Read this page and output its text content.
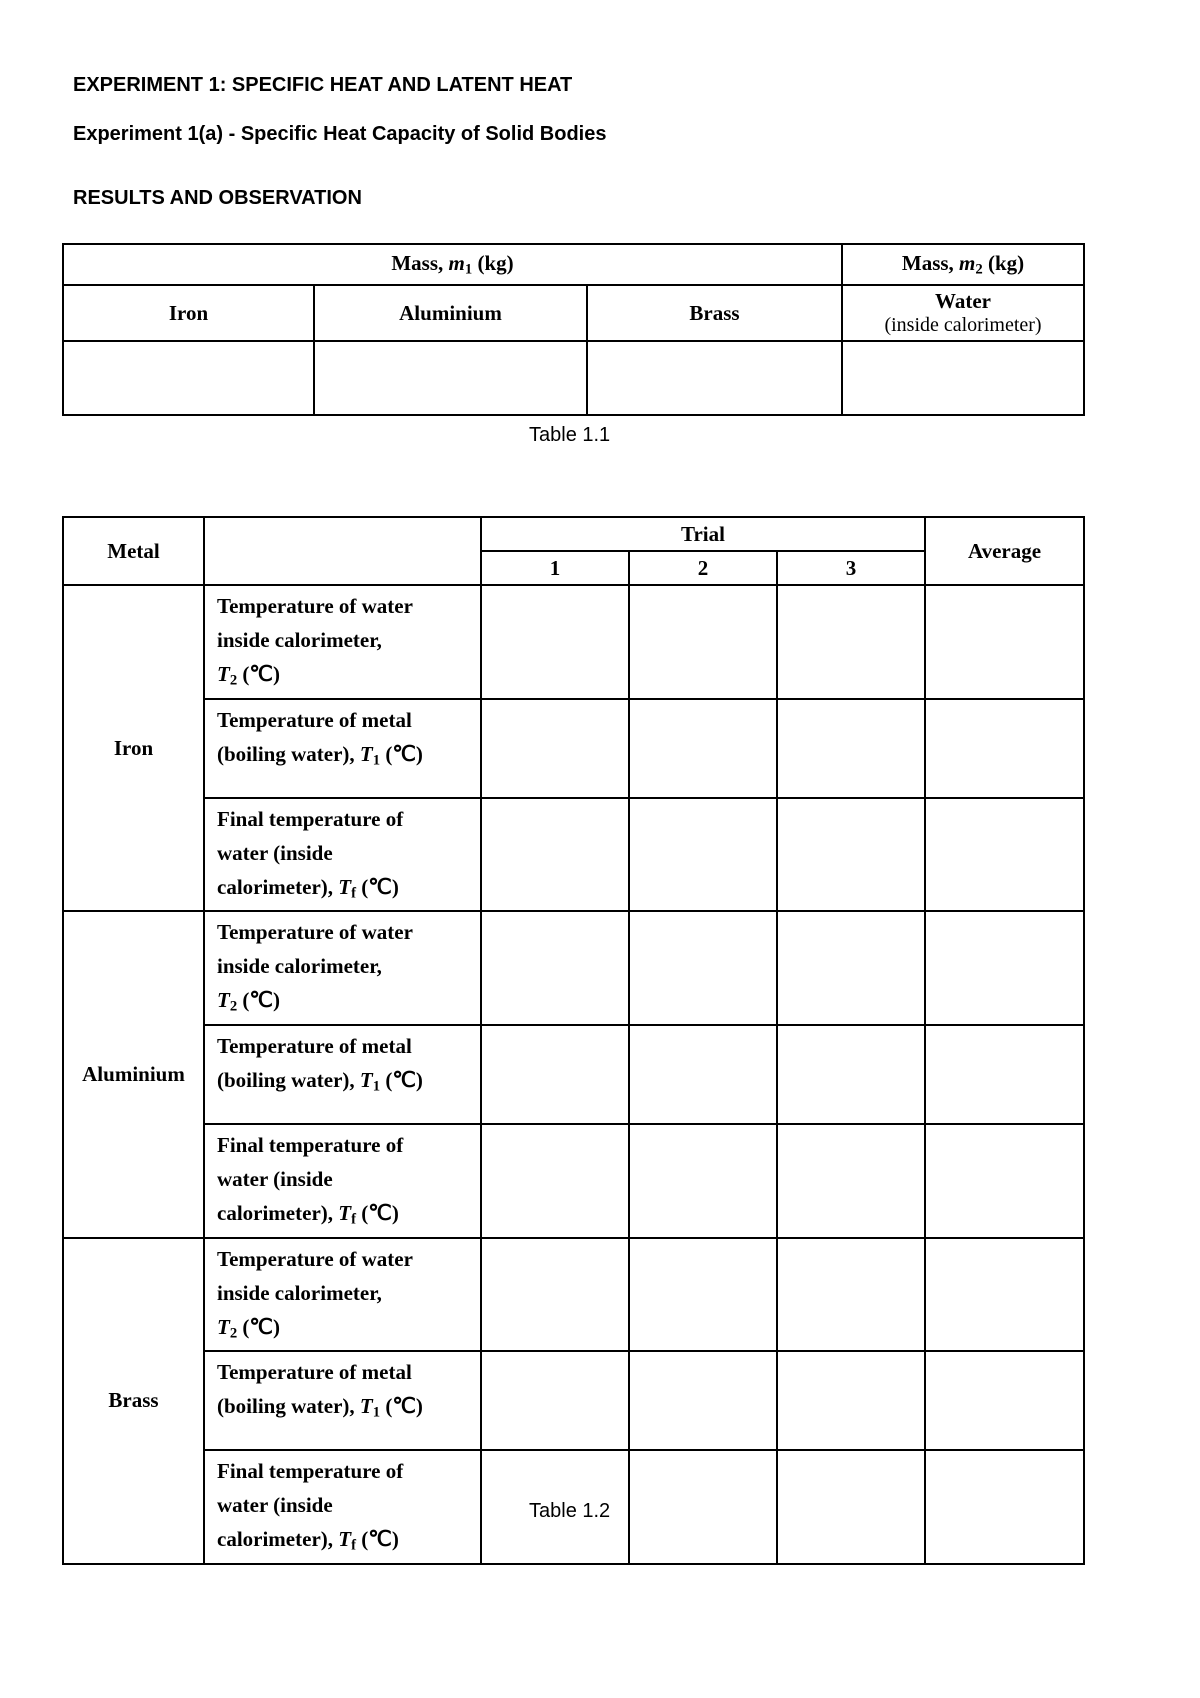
EXPERIMENT 1: SPECIFIC HEAT AND LATENT HEAT
Experiment 1(a) - Specific Heat Capacity of Solid Bodies
RESULTS AND OBSERVATION
Mass, $m_1$ (kg)			Mass, $m_2$ (kg)
Iron	Aluminium	Brass	Water
(inside calorimeter)

Table 1.1
Metal		Trial			Average
		1	2	3	
Iron	Temperature of water
inside calorimeter,
$T_2$ (℃)				
	Temperature of metal
(boiling water), $T_1$ (℃)				
	Final temperature of
water (inside
calorimeter), $T_f$ (℃)				
Aluminium	Temperature of water
inside calorimeter,
$T_2$ (℃)				
	Temperature of metal
(boiling water), $T_1$ (℃)				
	Final temperature of
water (inside
calorimeter), $T_f$ (℃)				
Brass	Temperature of water
inside calorimeter,
$T_2$ (℃)				
	Temperature of metal
(boiling water), $T_1$ (℃)				
	Final temperature of
water (inside
calorimeter), $T_f$ (℃)				
Table 1.2
